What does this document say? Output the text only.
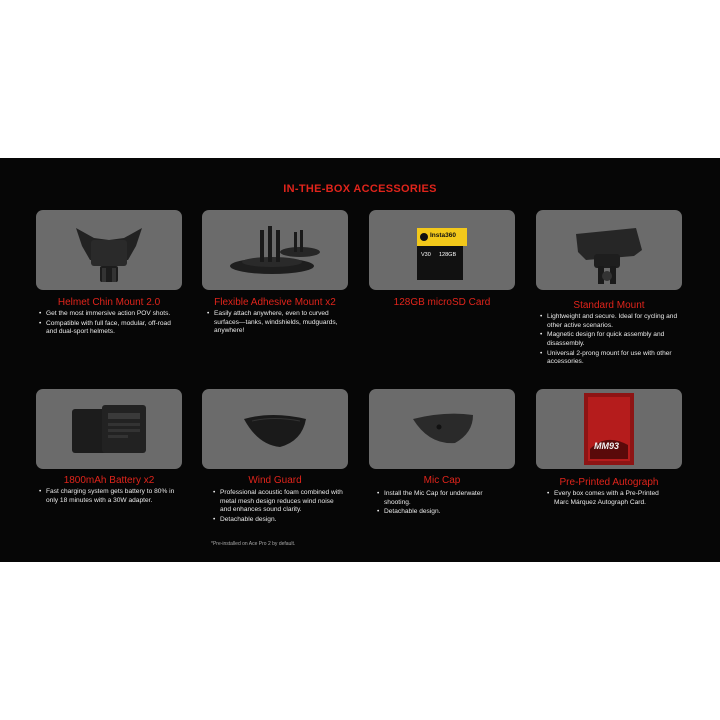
IN-THE-BOX ACCESSORIES
Insta360
V30 128GB
Helmet Chin Mount 2.0	Flexible Adhesive Mount x2	128GB microSD Card	Standard Mount
• Get the most immersive action POV shots.
• Compatible with full face, modular, off-road and dual-sport helmets.
• Easily attach anywhere, even to curved surfaces—tanks, windshields, mudguards, anywhere!
• Lightweight and secure. Ideal for cycling and other active scenarios.
• Magnetic design for quick assembly and disassembly.
• Universal 2-prong mount for use with other accessories.
MM93
1800mAh Battery x2	Wind Guard	Mic Cap	Pre-Printed Autograph
• Fast charging system gets battery to 80% in only 18 minutes with a 30W adapter.
• Professional acoustic foam combined with metal mesh design reduces wind noise and enhances sound clarity.
• Detachable design.
• Install the Mic Cap for underwater shooting.
• Detachable design.
• Every box comes with a Pre-Printed Marc Márquez Autograph Card.
*Pre-installed on Ace Pro 2 by default.
